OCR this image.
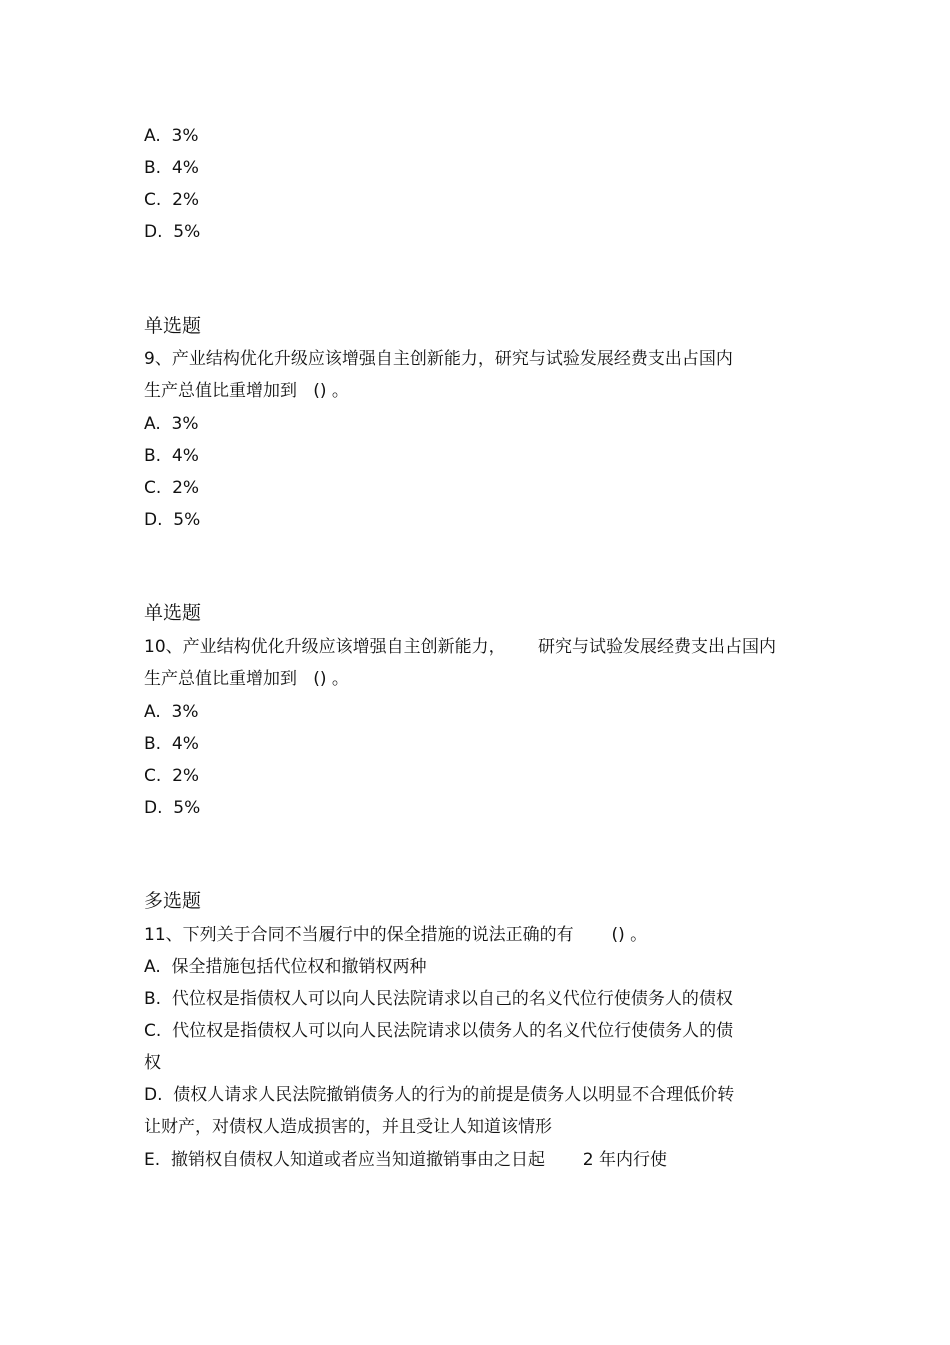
A.  3%
B.  4%
C.  2%
D.  5%
单选题
9、产业结构优化升级应该增强自主创新能力，研究与试验发展经费支出占国内
生产总值比重增加到   () 。
A.  3%
B.  4%
C.  2%
D.  5%
单选题
10、产业结构优化升级应该增强自主创新能力，      研究与试验发展经费支出占国内
生产总值比重增加到   () 。
A.  3%
B.  4%
C.  2%
D.  5%
多选题
11、下列关于合同不当履行中的保全措施的说法正确的有       () 。
A.  保全措施包括代位权和撤销权两种
B.  代位权是指债权人可以向人民法院请求以自己的名义代位行使债务人的债权
C.  代位权是指债权人可以向人民法院请求以债务人的名义代位行使债务人的债
权
D.  债权人请求人民法院撤销债务人的行为的前提是债务人以明显不合理低价转
让财产，对债权人造成损害的，并且受让人知道该情形
E.  撤销权自债权人知道或者应当知道撤销事由之日起       2 年内行使
